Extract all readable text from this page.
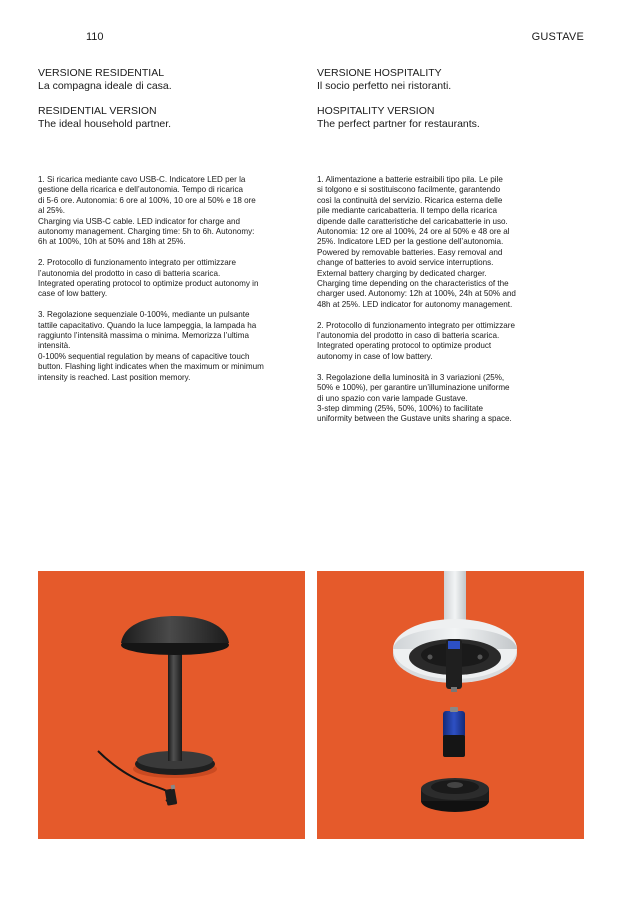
110	GUSTAVE
VERSIONE RESIDENTIAL
La compagna ideale di casa.
RESIDENTIAL VERSION
The ideal household partner.

1. Si ricarica mediante cavo USB-C. Indicatore LED per la
gestione della ricarica e dell’autonomia. Tempo di ricarica
di 5-6 ore. Autonomia: 6 ore al 100%, 10 ore al 50% e 18 ore
al 25%.
Charging via USB-C cable. LED indicator for charge and
autonomy management. Charging time: 5h to 6h. Autonomy:
6h at 100%, 10h at 50% and 18h at 25%.

2. Protocollo di funzionamento integrato per ottimizzare
l’autonomia del prodotto in caso di batteria scarica.
Integrated operating protocol to optimize product autonomy in
case of low battery.

3. Regolazione sequenziale 0-100%, mediante un pulsante
tattile capacitativo. Quando la luce lampeggia, la lampada ha
raggiunto l’intensità massima o minima. Memorizza l’ultima
intensità.
0-100% sequential regulation by means of capacitive touch
button. Flashing light indicates when the maximum or minimum
intensity is reached. Last position memory.

VERSIONE HOSPITALITY
Il socio perfetto nei ristoranti.
HOSPITALITY VERSION
The perfect partner for restaurants.

1. Alimentazione a batterie estraibili tipo pila. Le pile
si tolgono e si sostituiscono facilmente, garantendo
così la continuità del servizio. Ricarica esterna delle
pile mediante caricabatteria. Il tempo della ricarica
dipende dalle caratteristiche del caricabatterie in uso.
Autonomia: 12 ore al 100%, 24 ore al 50% e 48 ore al
25%. Indicatore LED per la gestione dell’autonomia.
Powered by removable batteries. Easy removal and
change of batteries to avoid service interruptions.
External battery charging by dedicated charger.
Charging time depending on the characteristics of the
charger used. Autonomy: 12h at 100%, 24h at 50% and
48h at 25%. LED indicator for autonomy management.

2. Protocollo di funzionamento integrato per ottimizzare
l’autonomia del prodotto in caso di batteria scarica.
Integrated operating protocol to optimize product
autonomy in case of low battery.

3. Regolazione della luminosità in 3 variazioni (25%,
50% e 100%), per garantire un’illuminazione uniforme
di uno spazio con varie lampade Gustave.
3-step dimming (25%, 50%, 100%) to facilitate
uniformity between the Gustave units sharing a space.
